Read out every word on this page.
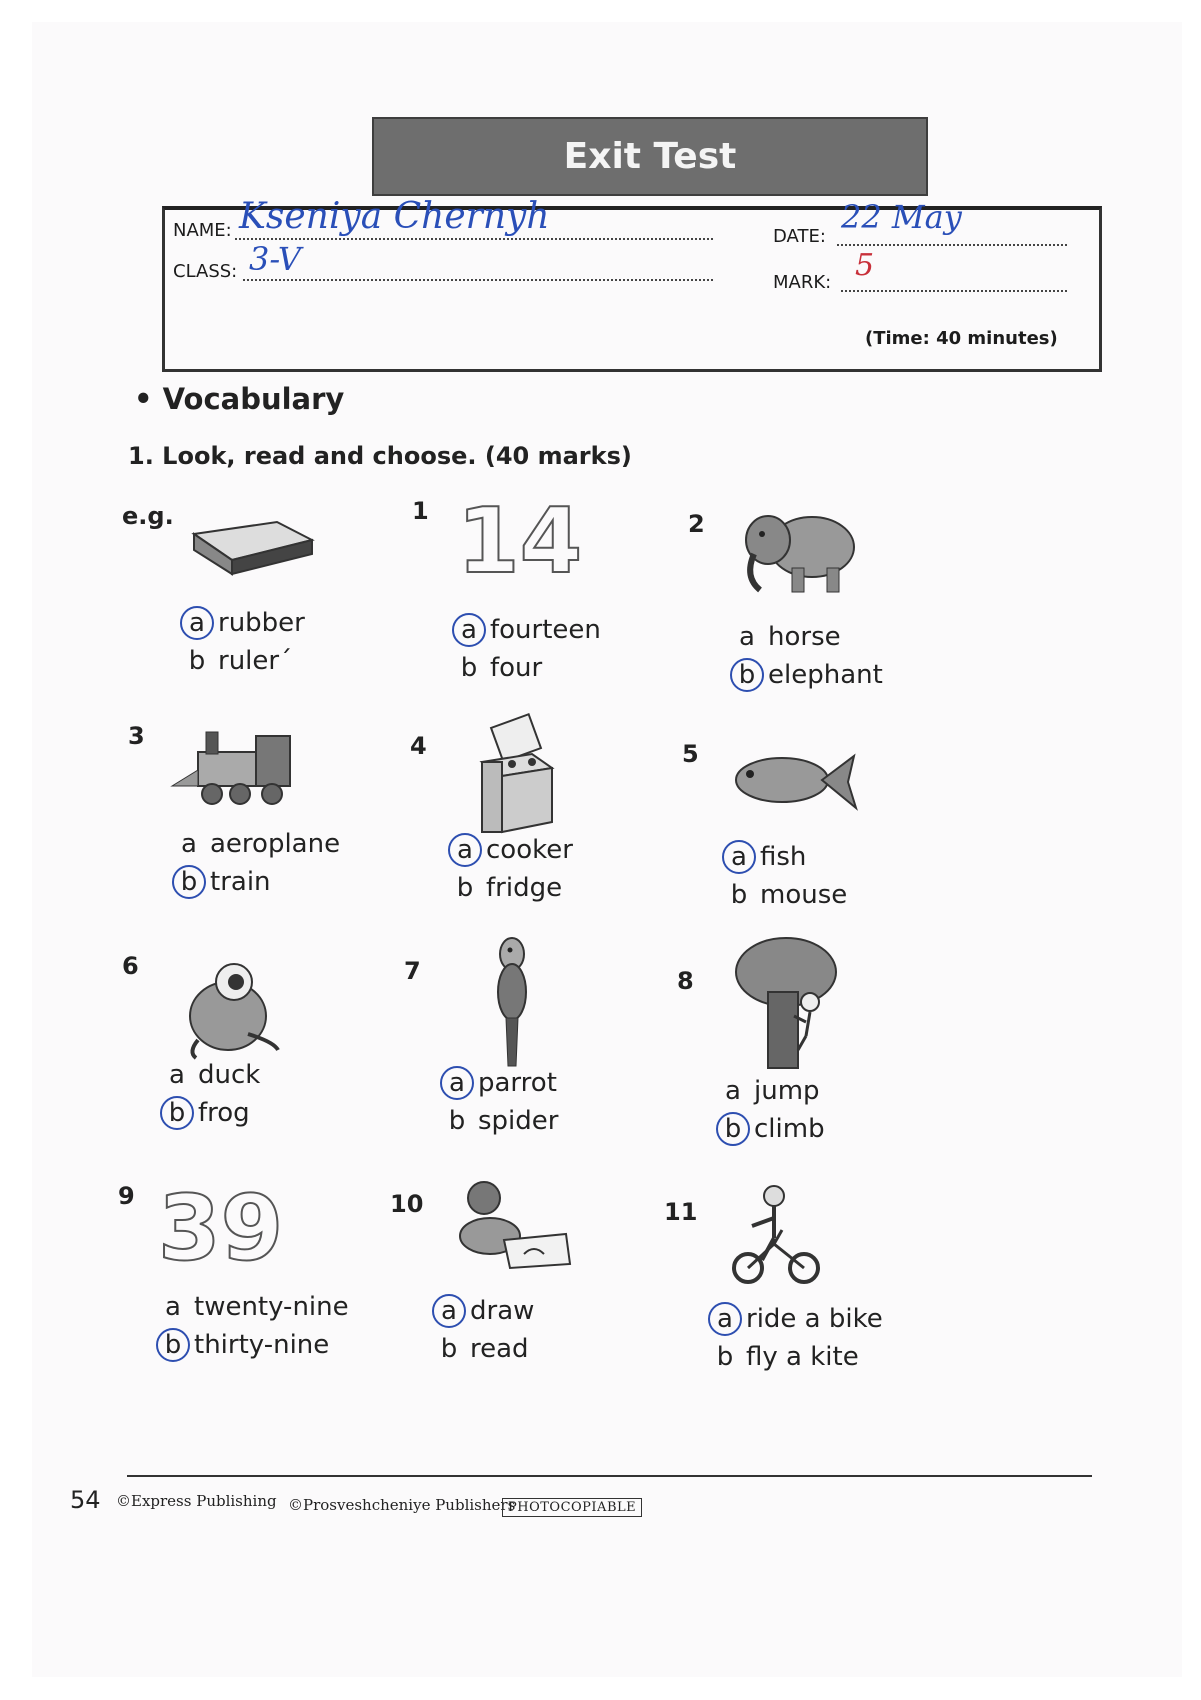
Exit Test
NAME: Kseniya Chernyh
CLASS: 3-V
DATE:
22 May
MARK: 5
(Time: 40 minutes)
• Vocabulary
1. Look, read and choose. (40 marks)
e.g.
a rubber
b ruler´
1 14
a fourteen
b four
2
a horse
b elephant
3
a aeroplane
b train
4
a cooker
b fridge
5
a fish
b mouse
6
a duck
b frog
7
a parrot
b spider
8
a jump
b climb
9 39
a twenty-nine
b thirty-nine
10
a draw
b read
11
a ride a bike
b fly a kite
54 ©Express Publishing ©Prosveshcheniye Publishers
PHOTOCOPIABLE
